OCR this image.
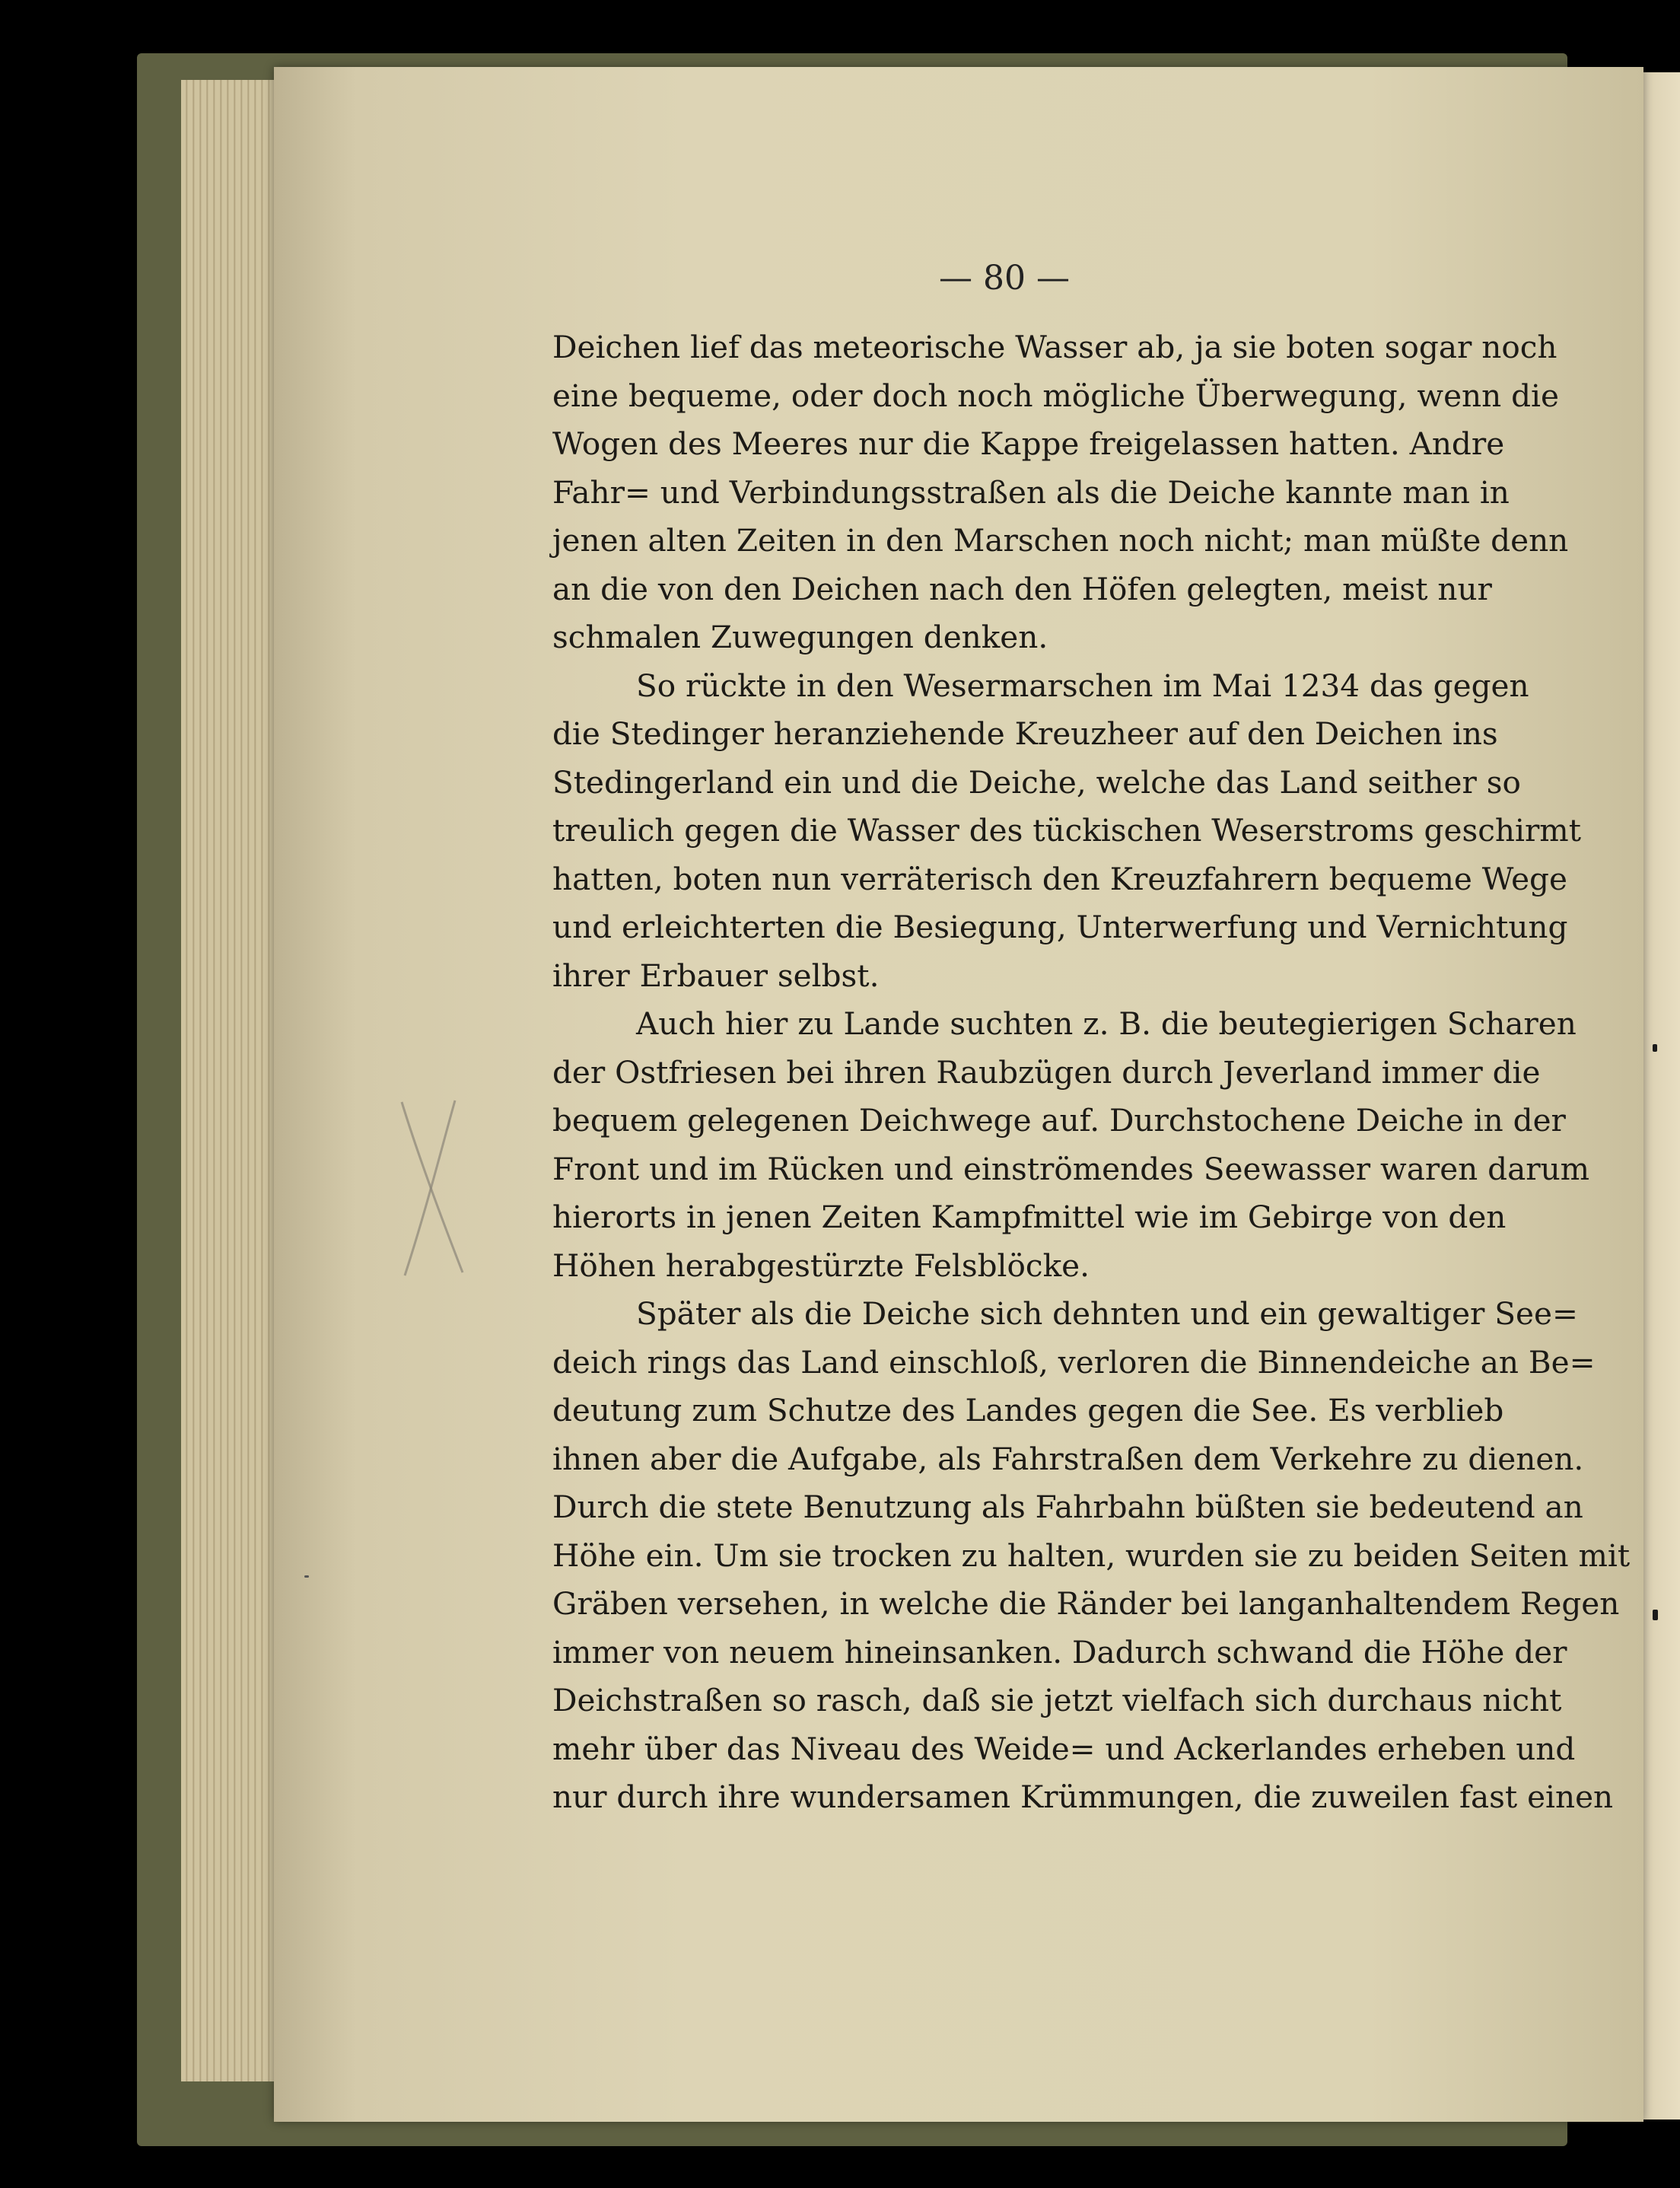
— 80 —

Deichen lief das meteorische Wasser ab, ja sie boten sogar noch
eine bequeme, oder doch noch mögliche Überwegung, wenn die
Wogen des Meeres nur die Kappe freigelassen hatten. Andre
Fahr= und Verbindungsstraßen als die Deiche kannte man in
jenen alten Zeiten in den Marschen noch nicht; man müßte denn
an die von den Deichen nach den Höfen gelegten, meist nur
schmalen Zuwegungen denken.

So rückte in den Wesermarschen im Mai 1234 das gegen
die Stedinger heranziehende Kreuzheer auf den Deichen ins
Stedingerland ein und die Deiche, welche das Land seither so
treulich gegen die Wasser des tückischen Weserstroms geschirmt
hatten, boten nun verräterisch den Kreuzfahrern bequeme Wege
und erleichterten die Besiegung, Unterwerfung und Vernichtung
ihrer Erbauer selbst.

Auch hier zu Lande suchten z. B. die beutegierigen Scharen
der Ostfriesen bei ihren Raubzügen durch Jeverland immer die
bequem gelegenen Deichwege auf. Durchstochene Deiche in der
Front und im Rücken und einströmendes Seewasser waren darum
hierorts in jenen Zeiten Kampfmittel wie im Gebirge von den
Höhen herabgestürzte Felsblöcke.

Später als die Deiche sich dehnten und ein gewaltiger See=
deich rings das Land einschloß, verloren die Binnendeiche an Be=
deutung zum Schutze des Landes gegen die See. Es verblieb
ihnen aber die Aufgabe, als Fahrstraßen dem Verkehre zu dienen.
Durch die stete Benutzung als Fahrbahn büßten sie bedeutend an
Höhe ein. Um sie trocken zu halten, wurden sie zu beiden Seiten mit
Gräben versehen, in welche die Ränder bei langanhaltendem Regen
immer von neuem hineinsanken. Dadurch schwand die Höhe der
Deichstraßen so rasch, daß sie jetzt vielfach sich durchaus nicht
mehr über das Niveau des Weide= und Ackerlandes erheben und
nur durch ihre wundersamen Krümmungen, die zuweilen fast einen
